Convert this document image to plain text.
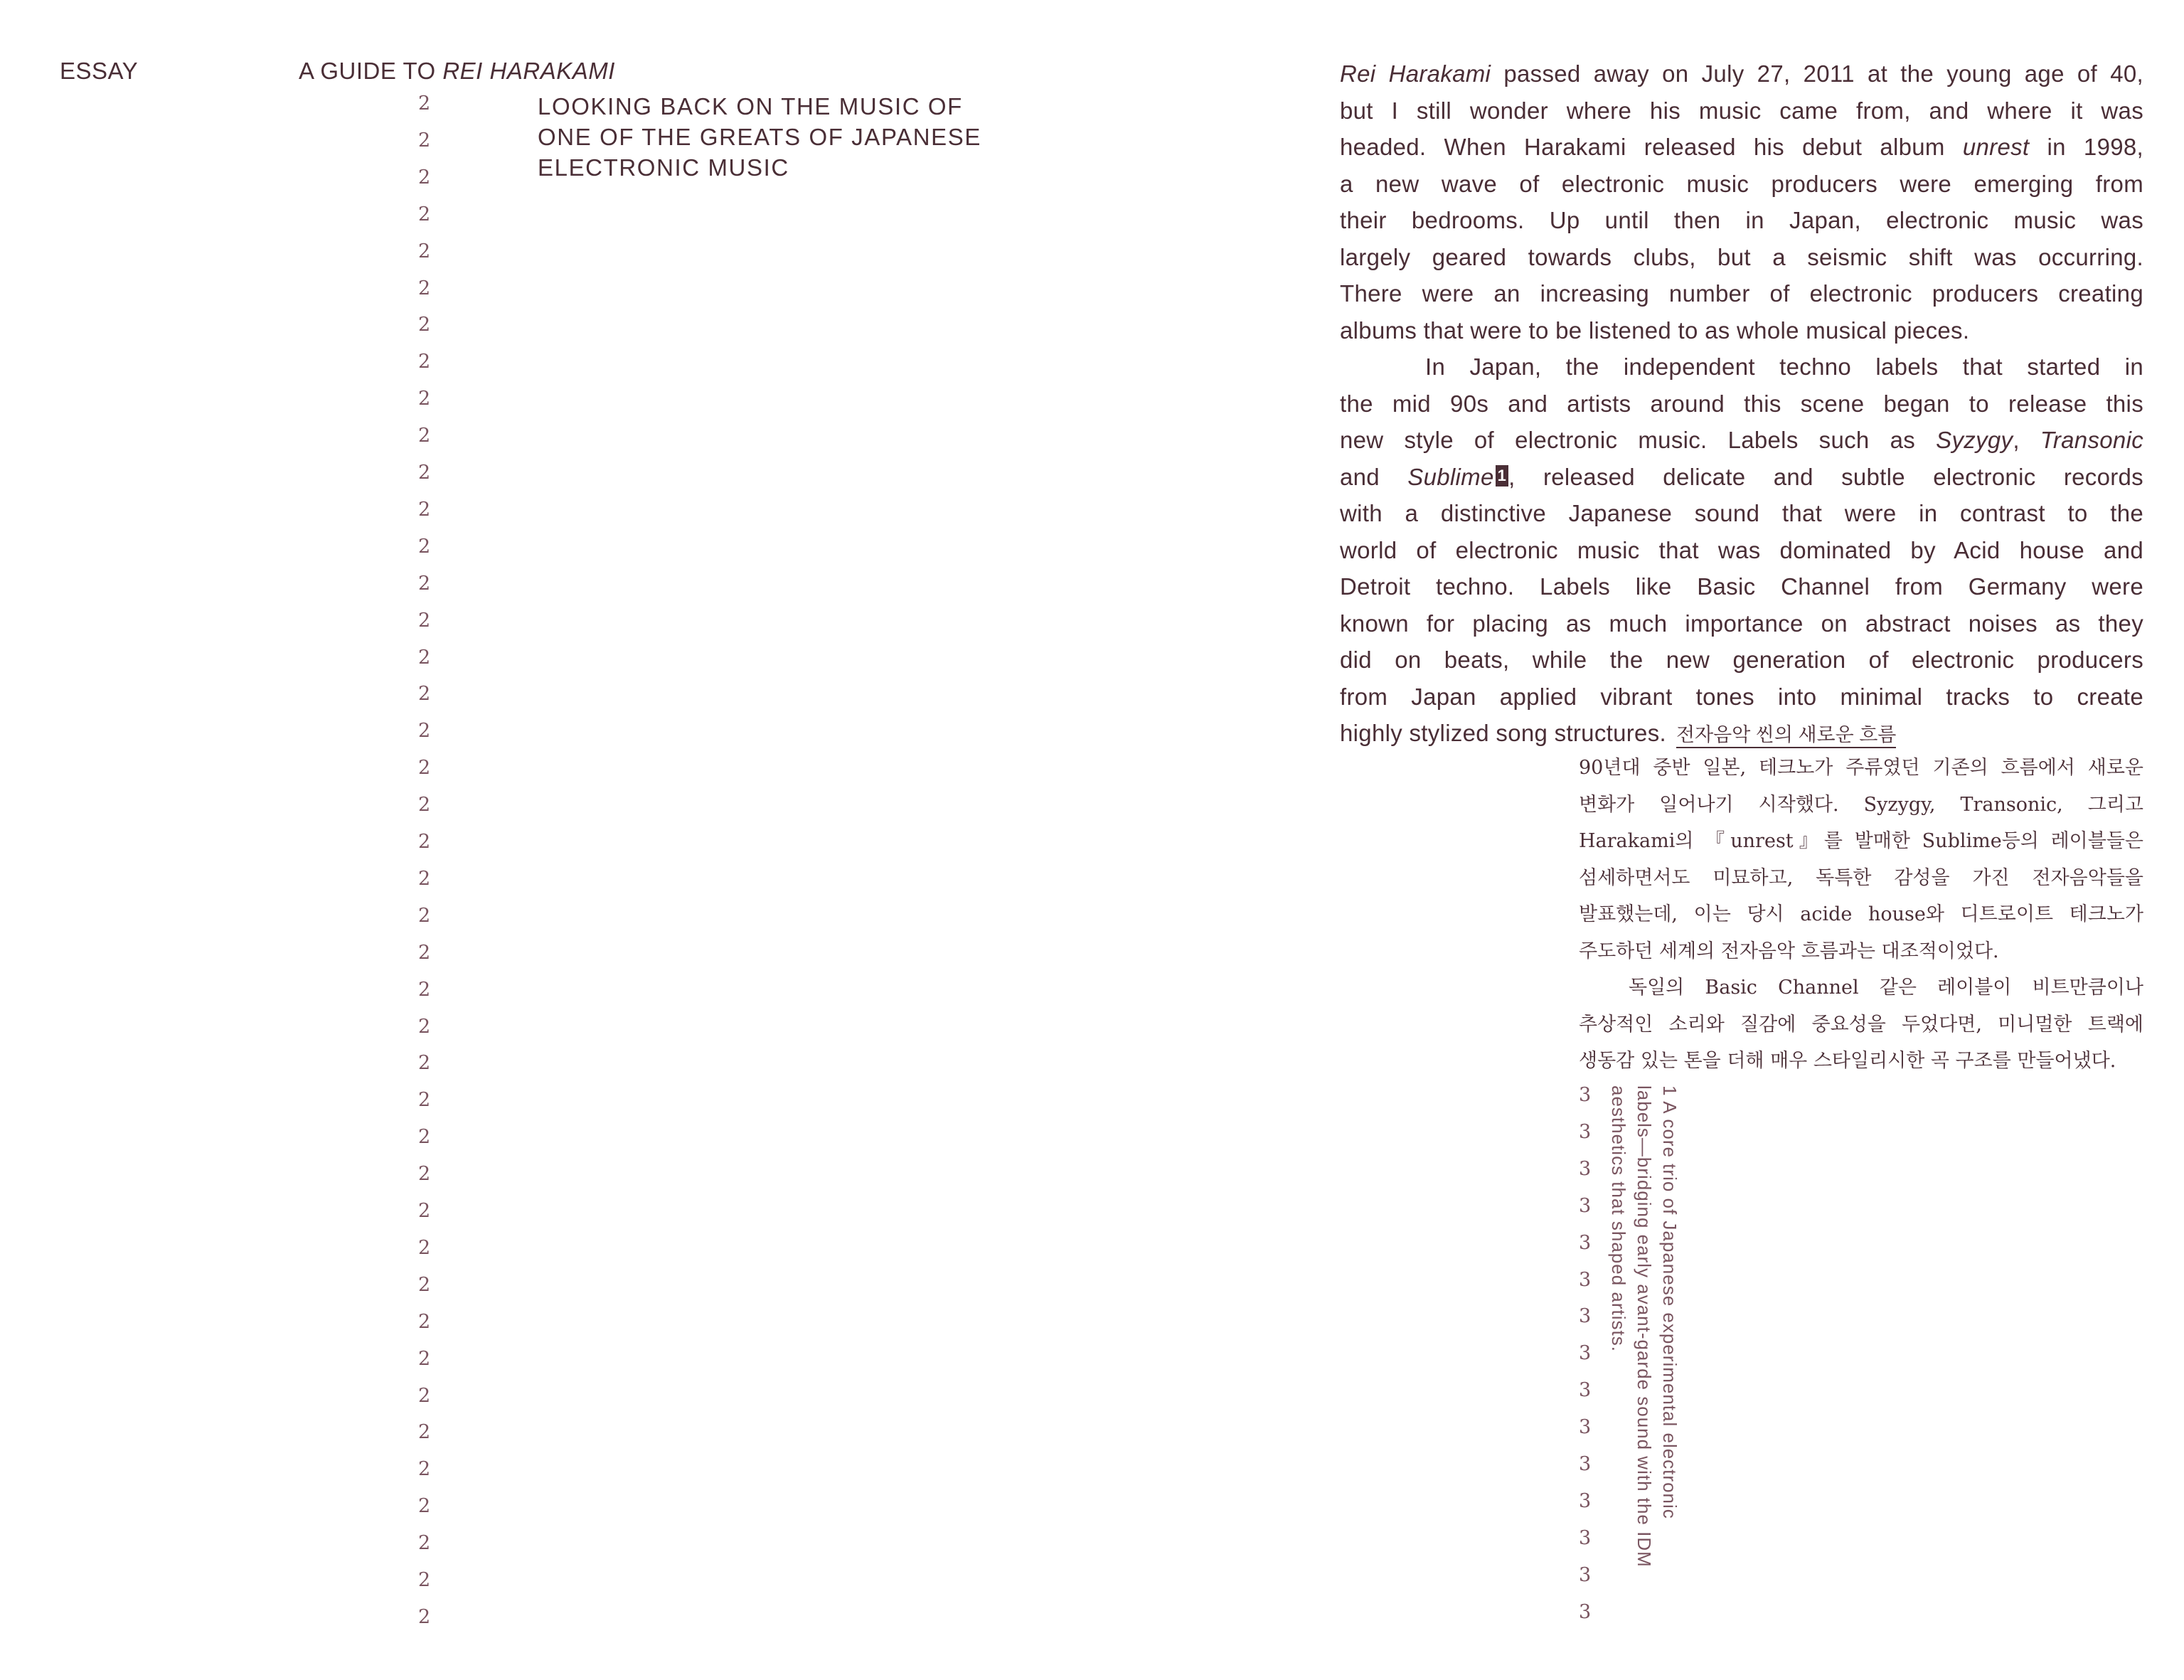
ESSAY	A GUIDE TO REI HARAKAMI
LOOKING BACK ON THE MUSIC OF
ONE OF THE GREATS OF JAPANESE
ELECTRONIC MUSIC
2
2
2
2
2
2
2
2
2
2
2
2
2
2
2
2
2
2
2
2
2
2
2
2
2
2
2
2
2
2
2
2
2
2
2
2
2
2
2
2
2
2
3
3
3
3
3
3
3
3
3
3
3
3
3
3
3
Rei Harakami passed away on July 27, 2011 at the young age of 40,
but I still wonder where his music came from, and where it was
headed. When Harakami released his debut album unrest in 1998,
a new wave of electronic music producers were emerging from
their bedrooms. Up until then in Japan, electronic music was
largely geared towards clubs, but a seismic shift was occurring.
There were an increasing number of electronic producers creating
albums that were to be listened to as whole musical pieces.
In Japan, the independent techno labels that started in
the mid 90s and artists around this scene began to release this
new style of electronic music. Labels such as Syzygy, Transonic
and Sublime 1, released delicate and subtle electronic records
with a distinctive Japanese sound that were in contrast to the
world of electronic music that was dominated by Acid house and
Detroit techno. Labels like Basic Channel from Germany were
known for placing as much importance on abstract noises as they
did on beats, while the new generation of electronic producers
from Japan applied vibrant tones into minimal tracks to create
highly stylized song structures. 전자음악 씬의 새로운 흐름
90년대 중반 일본, 테크노가 주류였던 기존의 흐름에서 새로운
변화가 일어나기 시작했다. Syzygy, Transonic, 그리고
Harakami의 『unrest』를 발매한 Sublime등의 레이블들은
섬세하면서도 미묘하고, 독특한 감성을 가진 전자음악들을
발표했는데, 이는 당시 acide house와 디트로이트 테크노가
주도하던 세계의 전자음악 흐름과는 대조적이었다.
독일의 Basic Channel 같은 레이블이 비트만큼이나
추상적인 소리와 질감에 중요성을 두었다면, 미니멀한 트랙에
생동감 있는 톤을 더해 매우 스타일리시한 곡 구조를 만들어냈다.
1 A core trio of Japanese experimental electronic
labels—bridging early avant-garde sound with the IDM
aesthetics that shaped artists.
